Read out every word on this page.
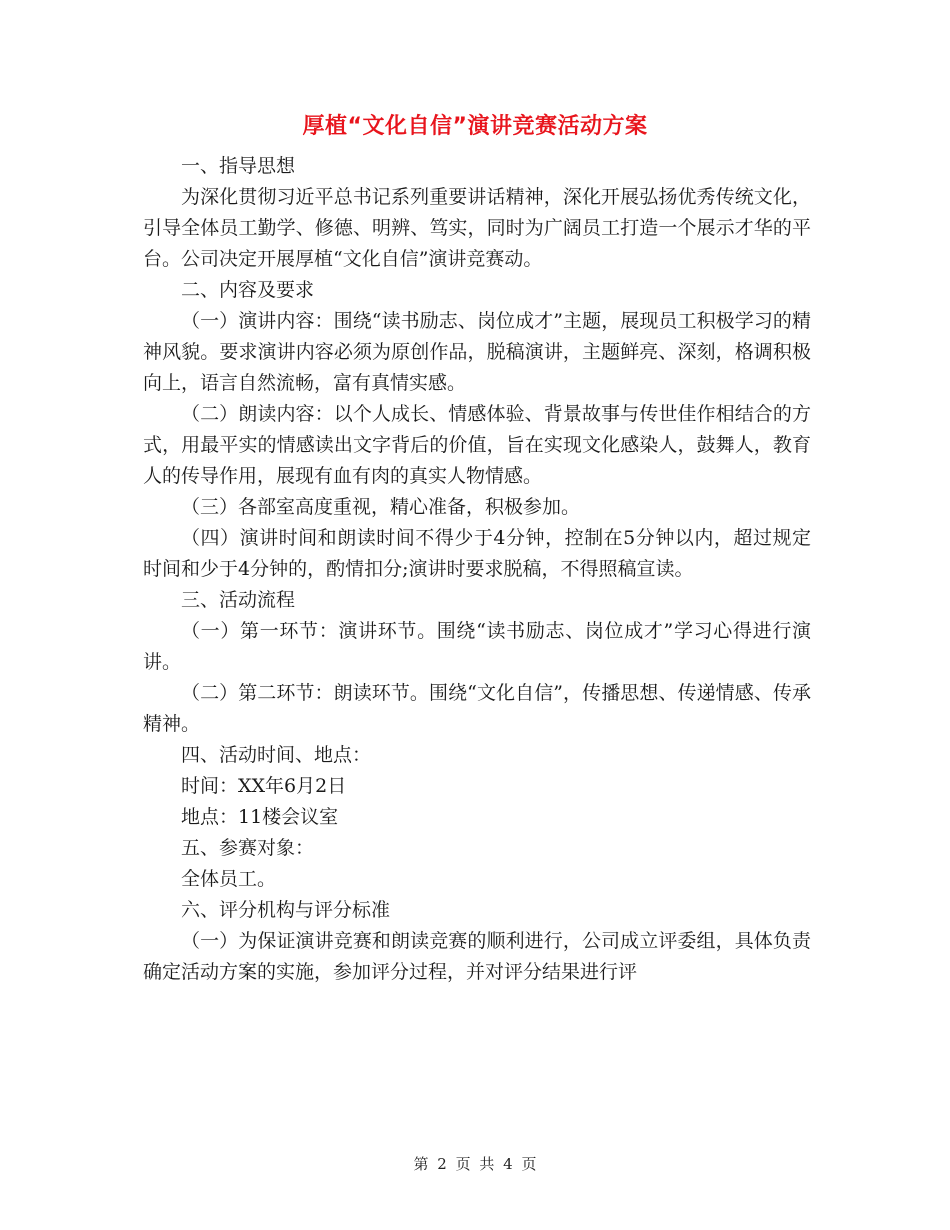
厚植“文化自信”演讲竞赛活动方案

一、指导思想

为深化贯彻习近平总书记系列重要讲话精神，深化开展弘扬优秀传统文化，引导全体员工勤学、修德、明辨、笃实，同时为广阔员工打造一个展示才华的平台。公司决定开展厚植“文化自信”演讲竞赛动。

二、内容及要求

（一）演讲内容：围绕“读书励志、岗位成才”主题，展现员工积极学习的精神风貌。要求演讲内容必须为原创作品，脱稿演讲，主题鲜亮、深刻，格调积极向上，语言自然流畅，富有真情实感。

（二）朗读内容：以个人成长、情感体验、背景故事与传世佳作相结合的方式，用最平实的情感读出文字背后的价值，旨在实现文化感染人，鼓舞人，教育人的传导作用，展现有血有肉的真实人物情感。

（三）各部室高度重视，精心准备，积极参加。

（四）演讲时间和朗读时间不得少于4分钟，控制在5分钟以内，超过规定时间和少于4分钟的，酌情扣分;演讲时要求脱稿，不得照稿宣读。

三、活动流程

（一）第一环节：演讲环节。围绕“读书励志、岗位成才”学习心得进行演讲。

（二）第二环节：朗读环节。围绕“文化自信”，传播思想、传递情感、传承精神。

四、活动时间、地点：

时间：XX年6月2日

地点：11楼会议室

五、参赛对象：

全体员工。

六、评分机构与评分标准

（一）为保证演讲竞赛和朗读竞赛的顺利进行，公司成立评委组，具体负责确定活动方案的实施，参加评分过程，并对评分结果进行评

第 2 页 共 4 页
